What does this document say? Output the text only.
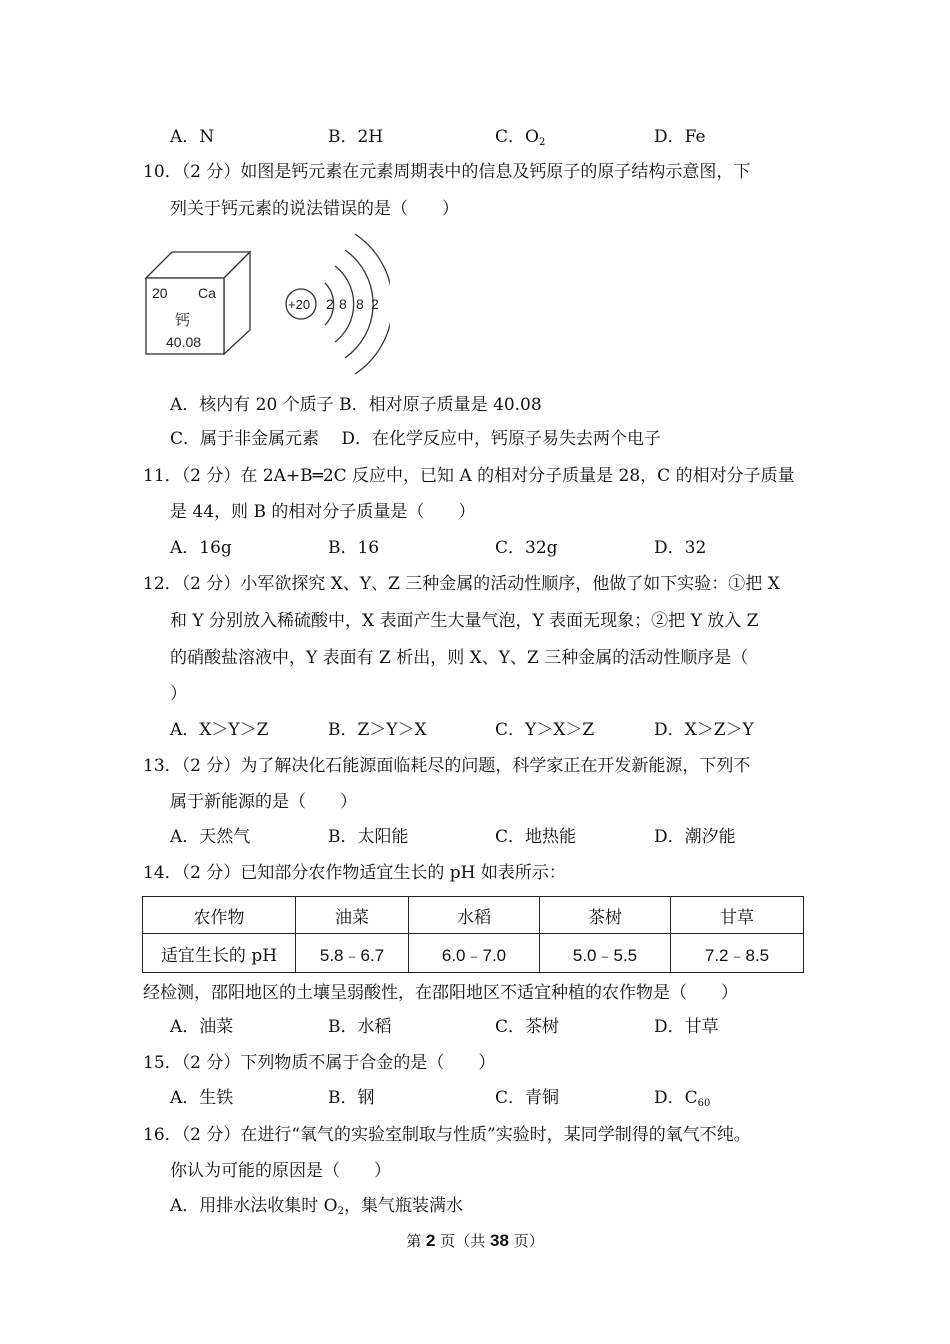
A．N	B．2H	C．$O_2$	D．Fe
10．（2 分）如图是钙元素在元素周期表中的信息及钙原子的原子结构示意图，下
列关于钙元素的说法错误的是（　　）
20 Ca
钙
40.08
+20 2 8 8 2
A．核内有 20 个质子 B．相对原子质量是 40.08
C．属于非金属元素　 D．在化学反应中，钙原子易失去两个电子
11．（2 分）在 2A+B═2C 反应中，已知 A 的相对分子质量是 28，C 的相对分子质量
是 44，则 B 的相对分子质量是（　　）
A．16g	B．16	C．32g	D．32
12．（2 分）小军欲探究 X、Y、Z 三种金属的活动性顺序，他做了如下实验：①把 X
和 Y 分别放入稀硫酸中，X 表面产生大量气泡，Y 表面无现象；②把 Y 放入 Z
的硝酸盐溶液中，Y 表面有 Z 析出，则 X、Y、Z 三种金属的活动性顺序是（
）
A．X＞Y＞Z	B．Z＞Y＞X	C．Y＞X＞Z	D．X＞Z＞Y
13．（2 分）为了解决化石能源面临耗尽的问题，科学家正在开发新能源，下列不
属于新能源的是（　　）
A．天然气	B．太阳能	C．地热能	D．潮汐能
14．（2 分）已知部分农作物适宜生长的 pH 如表所示：
农作物	油菜	水稻	茶树	甘草
适宜生长的 pH	5.8﹣6.7	6.0﹣7.0	5.0﹣5.5	7.2﹣8.5
经检测，邵阳地区的土壤呈弱酸性，在邵阳地区不适宜种植的农作物是（　　）
A．油菜	B．水稻	C．茶树	D．甘草
15．（2 分）下列物质不属于合金的是（　　）
A．生铁	B．钢	C．青铜	D．$C_{60}$
16．（2 分）在进行“氧气的实验室制取与性质”实验时，某同学制得的氧气不纯。
你认为可能的原因是（　　）
A．用排水法收集时 $O_2$，集气瓶装满水
第 2 页（共 38 页）
